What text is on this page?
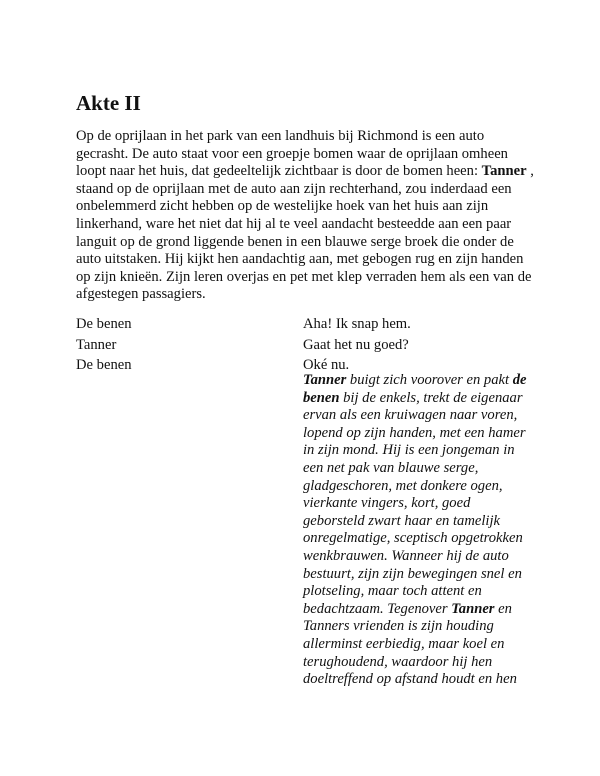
Akte II

Op de oprijlaan in het park van een landhuis bij Richmond is een auto gecrasht. De auto staat voor een groepje bomen waar de oprijlaan omheen loopt naar het huis, dat gedeeltelijk zichtbaar is door de bomen heen: Tanner , staand op de oprijlaan met de auto aan zijn rechterhand, zou inderdaad een onbelemmerd zicht hebben op de westelijke hoek van het huis aan zijn linkerhand, ware het niet dat hij al te veel aandacht besteedde aan een paar languit op de grond liggende benen in een blauwe serge broek die onder de auto uitstaken. Hij kijkt hen aandachtig aan, met gebogen rug en zijn handen op zijn knieën. Zijn leren overjas en pet met klep verraden hem als een van de afgestegen passagiers.

De benen	Aha! Ik snap hem.
Tanner	Gaat het nu goed?
De benen	Oké nu.

Tanner buigt zich voorover en pakt de benen bij de enkels, trekt de eigenaar ervan als een kruiwagen naar voren, lopend op zijn handen, met een hamer in zijn mond. Hij is een jongeman in een net pak van blauwe serge, gladgeschoren, met donkere ogen, vierkante vingers, kort, goed geborsteld zwart haar en tamelijk onregelmatige, sceptisch opgetrokken wenkbrauwen. Wanneer hij de auto bestuurt, zijn zijn bewegingen snel en plotseling, maar toch attent en bedachtzaam. Tegenover Tanner en Tanners vrienden is zijn houding allerminst eerbiedig, maar koel en terughoudend, waardoor hij hen doeltreffend op afstand houdt en hen
